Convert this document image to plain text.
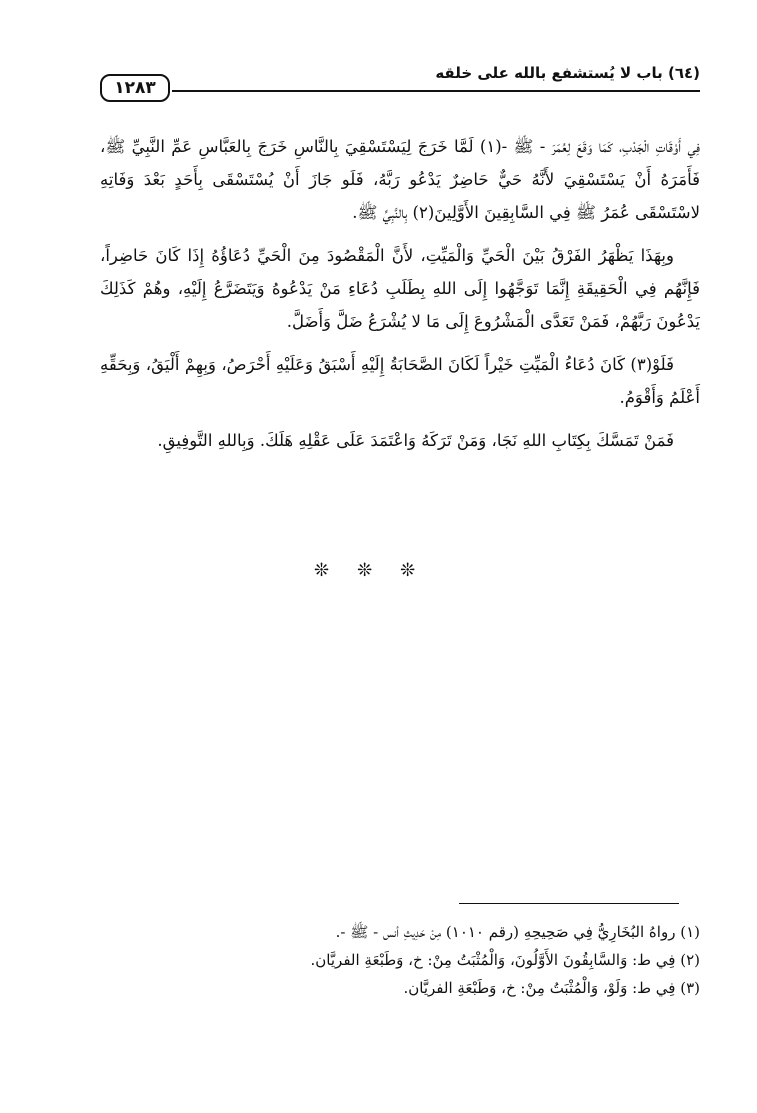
(٦٤) باب لا يُستشفع بالله على خلقه
١٢٨٣

فِي أَوْقَاتِ الْجَدْبِ، كَمَا وَقَعَ لِعُمَرَ - ﷺ -(١) لَمَّا خَرَجَ لِيَسْتَسْقِيَ بِالنَّاسِ خَرَجَ بِالعَبَّاسِ عَمِّ النَّبِيِّ ﷺ، فَأَمَرَهُ أَنْ يَسْتَسْقِيَ لأَنَّهُ حَيٌّ حَاضِرٌ يَدْعُو رَبَّهُ، فَلَو جَازَ أَنْ يُسْتَسْقَى بِأَحَدٍ بَعْدَ وَفَاتِهِ لاسْتَسْقَى عُمَرُ ﷺ فِي السَّابِقِينَ الأَوَّلِينَ(٢) بِالنَّبِيِّ ﷺ.

وبِهَذَا يَظْهَرُ الفَرْقُ بَيْنَ الْحَيِّ وَالْمَيِّتِ، لأَنَّ الْمَقْصُودَ مِنَ الْحَيِّ دُعَاؤُهُ إِذَا كَانَ حَاضِراً، فَإِنَّهُم فِي الْحَقِيقَةِ إِنَّمَا تَوَجَّهُوا إِلَى اللهِ بِطَلَبِ دُعَاءِ مَنْ يَدْعُوهُ وَيَتَضَرَّعُ إِلَيْهِ، وهُمْ كَذَلِكَ يَدْعُونَ رَبَّهُمْ، فَمَنْ تَعَدَّى الْمَشْرُوعَ إِلَى مَا لا يُشْرَعُ ضَلَّ وَأَضَلَّ.

فَلَوْ(٣) كَانَ دُعَاءُ الْمَيِّتِ خَيْراً لَكَانَ الصَّحَابَةُ إِلَيْهِ أَسْبَقُ وَعَلَيْهِ أَحْرَصُ، وَبِهِمْ أَلْيَقُ، وَبِحَقِّهِ أَعْلَمُ وَأَقْوَمُ.

فَمَنْ تَمَسَّكَ بِكِتَابِ اللهِ نَجَا، وَمَنْ تَرَكَهُ وَاعْتَمَدَ عَلَى عَقْلِهِ هَلَكَ. وَبِاللهِ التَّوفِيقِ.

❊❊❊

(١) رواهُ البُخَارِيُّ فِي صَحِيحِهِ (رقم ١٠١٠) مِنْ حَدِيثِ أنس - ﷺ -.

(٢) فِي ط: وَالسَّابِقُونَ الأَوَّلُونَ، وَالْمُثْبَتُ مِنْ: خ، وَطَبْعَةِ الفريَّان.

(٣) فِي ط: وَلَوْ، وَالْمُثْبَتُ مِنْ: خ، وَطَبْعَةِ الفريَّان.
